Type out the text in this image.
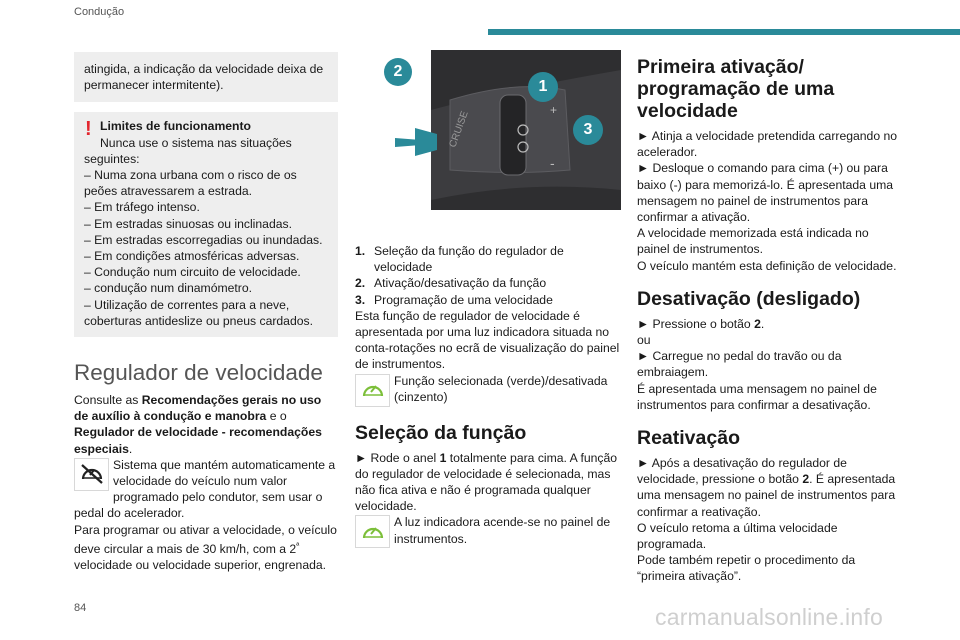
Condução

atingida, a indicação da velocidade deixa de permanecer intermitente).

! Limites de funcionamento

Nunca use o sistema nas situações

seguintes:

– Numa zona urbana com o risco de os peões atravessarem a estrada.

– Em tráfego intenso.

– Em estradas sinuosas ou inclinadas.

– Em estradas escorregadias ou inundadas.

– Em condições atmosféricas adversas.

– Condução num circuito de velocidade.

– condução num dinamómetro.

– Utilização de correntes para a neve, coberturas antideslize ou pneus cardados.

Regulador de velocidade

Consulte as Recomendações gerais no uso de auxílio à condução e manobra e o Regulador de velocidade - recomendações especiais.

Sistema que mantém automaticamente a velocidade do veículo num valor programado pelo condutor, sem usar o pedal do acelerador.

Para programar ou ativar a velocidade, o veículo deve circular a mais de 30 km/h, com a $2^ª$ velocidade ou velocidade superior, engrenada.

CRUISE	+
-
2
1
3
1. Seleção da função do regulador de velocidade
2. Ativação/desativação da função
3. Programação de uma velocidade

Esta função de regulador de velocidade é apresentada por uma luz indicadora situada no conta-rotações no ecrã de visualização do painel de instrumentos.

Função selecionada (verde)/desativada (cinzento)
Seleção da função

► Rode o anel 1 totalmente para cima. A função do regulador de velocidade é selecionada, mas não fica ativa e não é programada qualquer velocidade.

A luz indicadora acende-se no painel de instrumentos.
Primeira ativação/ programação de uma velocidade

► Atinja a velocidade pretendida carregando no acelerador.

► Desloque o comando para cima (+) ou para baixo (-) para memorizá-lo. É apresentada uma mensagem no painel de instrumentos para confirmar a ativação.

A velocidade memorizada está indicada no painel de instrumentos.

O veículo mantém esta definição de velocidade.

Desativação (desligado)

► Pressione o botão 2.

ou

► Carregue no pedal do travão ou da embraiagem.

É apresentada uma mensagem no painel de instrumentos para confirmar a desativação.

Reativação

► Após a desativação do regulador de velocidade, pressione o botão 2. É apresentada uma mensagem no painel de instrumentos para confirmar a reativação.

O veículo retoma a última velocidade programada.

Pode também repetir o procedimento da “primeira ativação”.

84	carmanualsonline.info
